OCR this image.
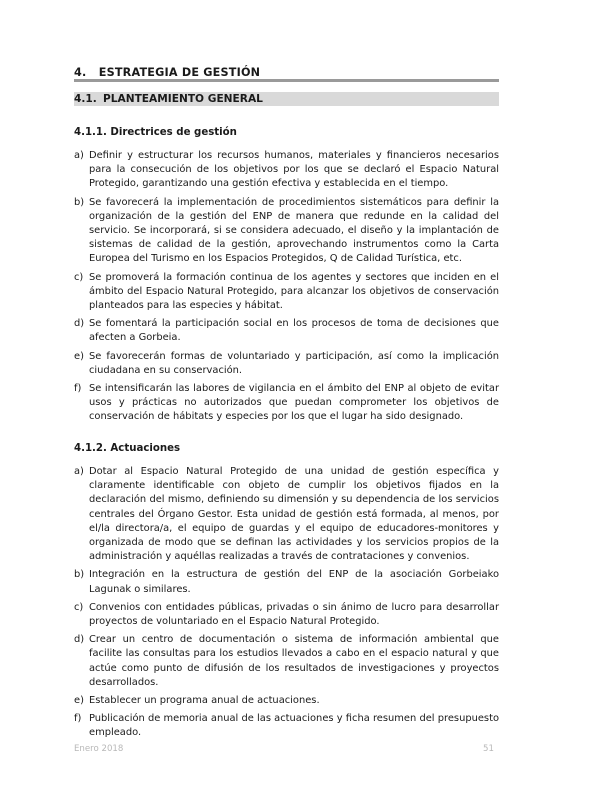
4. ESTRATEGIA DE GESTIÓN
4.1. PLANTEAMIENTO GENERAL
4.1.1. Directrices de gestión
a) Definir y estructurar los recursos humanos, materiales y financieros necesarios para la consecución de los objetivos por los que se declaró el Espacio Natural Protegido, garantizando una gestión efectiva y establecida en el tiempo.
b) Se favorecerá la implementación de procedimientos sistemáticos para definir la organización de la gestión del ENP de manera que redunde en la calidad del servicio. Se incorporará, si se considera adecuado, el diseño y la implantación de sistemas de calidad de la gestión, aprovechando instrumentos como la Carta Europea del Turismo en los Espacios Protegidos, Q de Calidad Turística, etc.
c) Se promoverá la formación continua de los agentes y sectores que inciden en el ámbito del Espacio Natural Protegido, para alcanzar los objetivos de conservación planteados para las especies y hábitat.
d) Se fomentará la participación social en los procesos de toma de decisiones que afecten a Gorbeia.
e) Se favorecerán formas de voluntariado y participación, así como la implicación ciudadana en su conservación.
f) Se intensificarán las labores de vigilancia en el ámbito del ENP al objeto de evitar usos y prácticas no autorizados que puedan comprometer los objetivos de conservación de hábitats y especies por los que el lugar ha sido designado.
4.1.2. Actuaciones
a) Dotar al Espacio Natural Protegido de una unidad de gestión específica y claramente identificable con objeto de cumplir los objetivos fijados en la declaración del mismo, definiendo su dimensión y su dependencia de los servicios centrales del Órgano Gestor. Esta unidad de gestión está formada, al menos, por el/la directora/a, el equipo de guardas y el equipo de educadores-monitores y organizada de modo que se definan las actividades y los servicios propios de la administración y aquéllas realizadas a través de contrataciones y convenios.
b) Integración en la estructura de gestión del ENP de la asociación Gorbeiako Lagunak o similares.
c) Convenios con entidades públicas, privadas o sin ánimo de lucro para desarrollar proyectos de voluntariado en el Espacio Natural Protegido.
d) Crear un centro de documentación o sistema de información ambiental que facilite las consultas para los estudios llevados a cabo en el espacio natural y que actúe como punto de difusión de los resultados de investigaciones y proyectos desarrollados.
e) Establecer un programa anual de actuaciones.
f) Publicación de memoria anual de las actuaciones y ficha resumen del presupuesto empleado.
Enero 2018	51
